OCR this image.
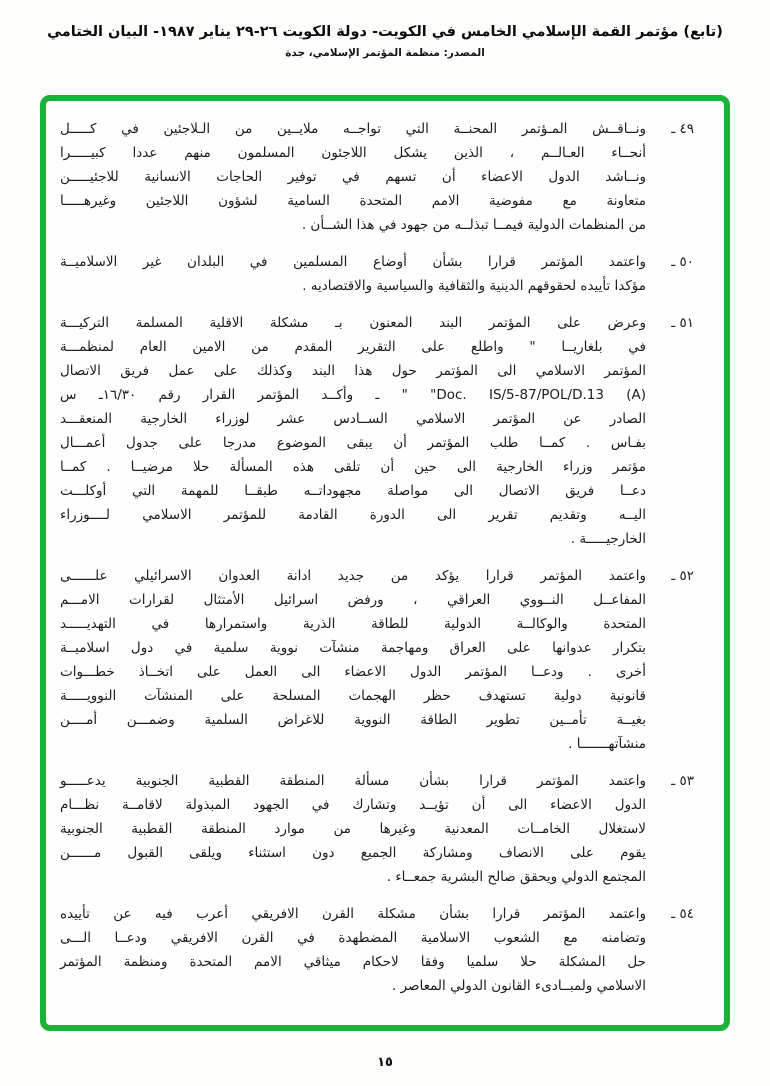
(تابع) مؤتمر القمة الإسلامي الخامس في الكويت- دولة الكويت ‪٢٦-٢٩‬ يناير ١٩٨٧- البيان الختامي
المصدر: منظمة المؤتمر الإسلامي، جدة
٤٩ ـ
ونــاقــش المـؤتمر المحنــة التي تواجــه ملايــين من الـلاجئين في كـــــل
أنحــاء العـالــم ، الذين يشكل اللاجئون المسلمون منهم عددا كبيـــــرا
ونــاشد الدول الاعضاء أن تسهم في توفير الحاجات الانسانية للاجئيـــــن
متعاونة مع مفوضية الامم المتحدة السامية لشؤون اللاجئين وغيرهـــــا
من المنظمات الدولية فيمــا تبذلــه من جهود في هذا الشــأن .
٥٠ ـ
واعتمد المؤتمر قرارا بشأن أوضاع المسلمين في البلدان غير الاسلاميــة
مؤكدا تأييده لحقوقهم الدينية والثقافية والسياسية والاقتصاديه .
٥١ ـ
وعرض على المؤتمر البند المعنون بـ مشكلة الاقلية المسلمة التركيـــة
في بلغاريــا " واطلع على التقرير المقدم من الامين العام لمنظمـــة
المؤتمر الاسلامي الى المؤتمر حول هذا البند وكذلك على عمل فريق الاتصال
‪Doc. IS/5-87/POL/D.13 (A)‬" " ـ وأكــد المؤتمر القرار رقم ١٦/٣٠ـ س
الصادر عن المؤتمر الاسلامي الســادس عشر لوزراء الخارجية المنعقـــد
بفـاس . كمــا طلب المؤتمر أن يبقى الموضوع مدرجا على جدول أعمـــال
مؤتمر وزراء الخارجية الى حين أن تلقى هذه المسألة حلا مرضيــا . كمــا
دعــا فريق الاتصال الى مواصلة مجهوداتــه طبقــا للمهمة التي أوكلـــت
اليــه وتقديم تقرير الى الدورة القادمة للمؤتمر الاسلامي لــــوزراء
الخارجيـــــة .
٥٢ ـ
واعتمد المؤتمر قرارا يؤكد من جديد ادانة العدوان الاسرائيلي علــــــى
المفاعــل النــووي العراقي ، ورفض اسرائيل الأمتثال لقرارات الامـــم
المتحدة والوكالــة الدولية للطاقة الذرية واستمرارها في التهديـــــد
بتكرار عدوانها على العراق ومهاجمة منشآت نووية سلمية في دول اسلاميــة
أخرى . ودعــا المؤتمر الدول الاعضاء الى العمل على اتخــاذ خطـــوات
قانونية دولية تستهدف حظر الهجمات المسلحة على المنشآت النوويـــــة
بغيــة تأمــين تطوير الطاقة النووية للاغراض السلمية وضمـــن أمــــن
منشآتهـــــــا .
٥٣ ـ
واعتمد المؤتمر قرارا بشأن مسألة المنطقة القطبية الجنوبية يدعـــــو
الدول الاعضاء الى أن تؤيــد وتشارك في الجهود المبذولة لاقامــة نظـــام
لاستغلال الخامــات المعدنية وغيرها من موارد المنطقة القطبية الجنوبية
يقوم على الانصاف ومشاركة الجميع دون استثناء ويلقى القبول مــــــن
المجتمع الدولي ويحقق صالح البشرية جمعــاء .
٥٤ ـ
واعتمد المؤتمر قرارا بشأن مشكلة القرن الافريقي أعرب فيه عن تأييده
وتضامنه مع الشعوب الاسلامية المضطهدة في القرن الافريقي ودعــا الـــى
حل المشكلة حلا سلميا وفقا لاحكام ميثاقي الامم المتحدة ومنظمة المؤتمر
الاسلامي ولمبــادىء القانون الدولي المعاصر .
١٥
